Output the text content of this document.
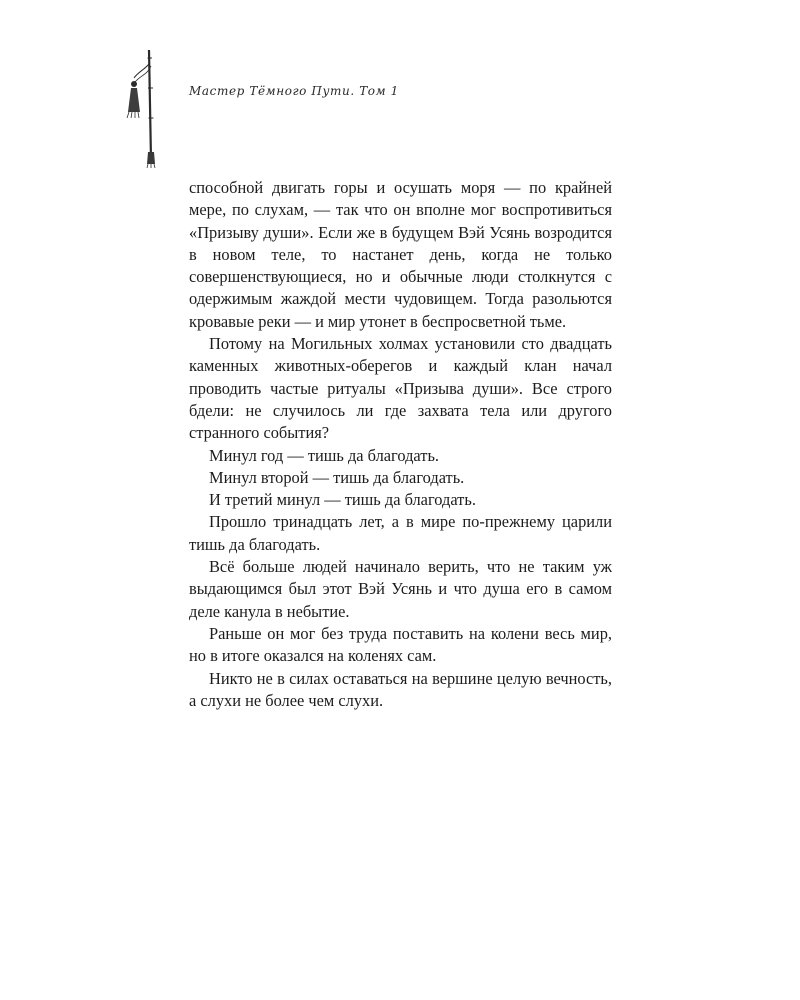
Мастер Тёмного Пути. Том 1

способной двигать горы и осушать моря — по крайней мере, по слухам, — так что он вполне мог воспротивиться «Призыву души». Если же в будущем Вэй Усянь возродится в новом теле, то настанет день, когда не только совершенствующиеся, но и обычные люди столкнутся с одержимым жаждой мести чудовищем. Тогда разольются кровавые реки — и мир утонет в беспросветной тьме.

Потому на Могильных холмах установили сто двадцать каменных животных-оберегов и каждый клан начал проводить частые ритуалы «Призыва души». Все строго бдели: не случилось ли где захвата тела или другого странного события?

Минул год — тишь да благодать.

Минул второй — тишь да благодать.

И третий минул — тишь да благодать.

Прошло тринадцать лет, а в мире по-прежнему царили тишь да благодать.

Всё больше людей начинало верить, что не таким уж выдающимся был этот Вэй Усянь и что душа его в самом деле канула в небытие.

Раньше он мог без труда поставить на колени весь мир, но в итоге оказался на коленях сам.

Никто не в силах оставаться на вершине целую вечность, а слухи не более чем слухи.
